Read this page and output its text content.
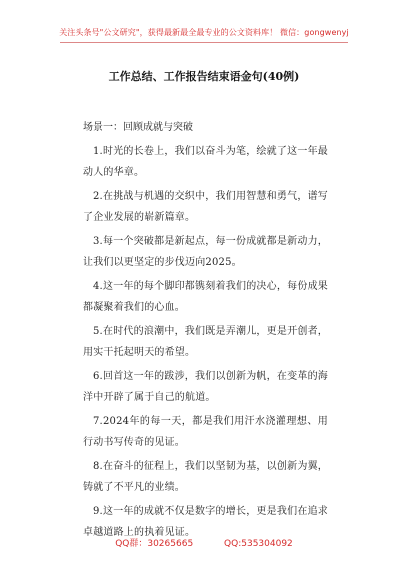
关注头条号"公文研究"，获得最新最全最专业的公文资料库！ 微信：gongwenyj
工作总结、工作报告结束语金句(40例)

场景一：回顾成就与突破

1.时光的长卷上，我们以奋斗为笔，绘就了这一年最动人的华章。

2.在挑战与机遇的交织中，我们用智慧和勇气，谱写了企业发展的崭新篇章。

3.每一个突破都是新起点，每一份成就都是新动力，让我们以更坚定的步伐迈向2025。

4.这一年的每个脚印都镌刻着我们的决心，每份成果都凝聚着我们的心血。

5.在时代的浪潮中，我们既是弄潮儿，更是开创者，用实干托起明天的希望。

6.回首这一年的跋涉，我们以创新为帆，在变革的海洋中开辟了属于自己的航道。

7.2024年的每一天，都是我们用汗水浇灌理想、用行动书写传奇的见证。

8.在奋斗的征程上，我们以坚韧为基，以创新为翼，铸就了不平凡的业绩。

9.这一年的成就不仅是数字的增长，更是我们在追求卓越道路上的执着见证。

QQ群：30265665	QQ:535304092
